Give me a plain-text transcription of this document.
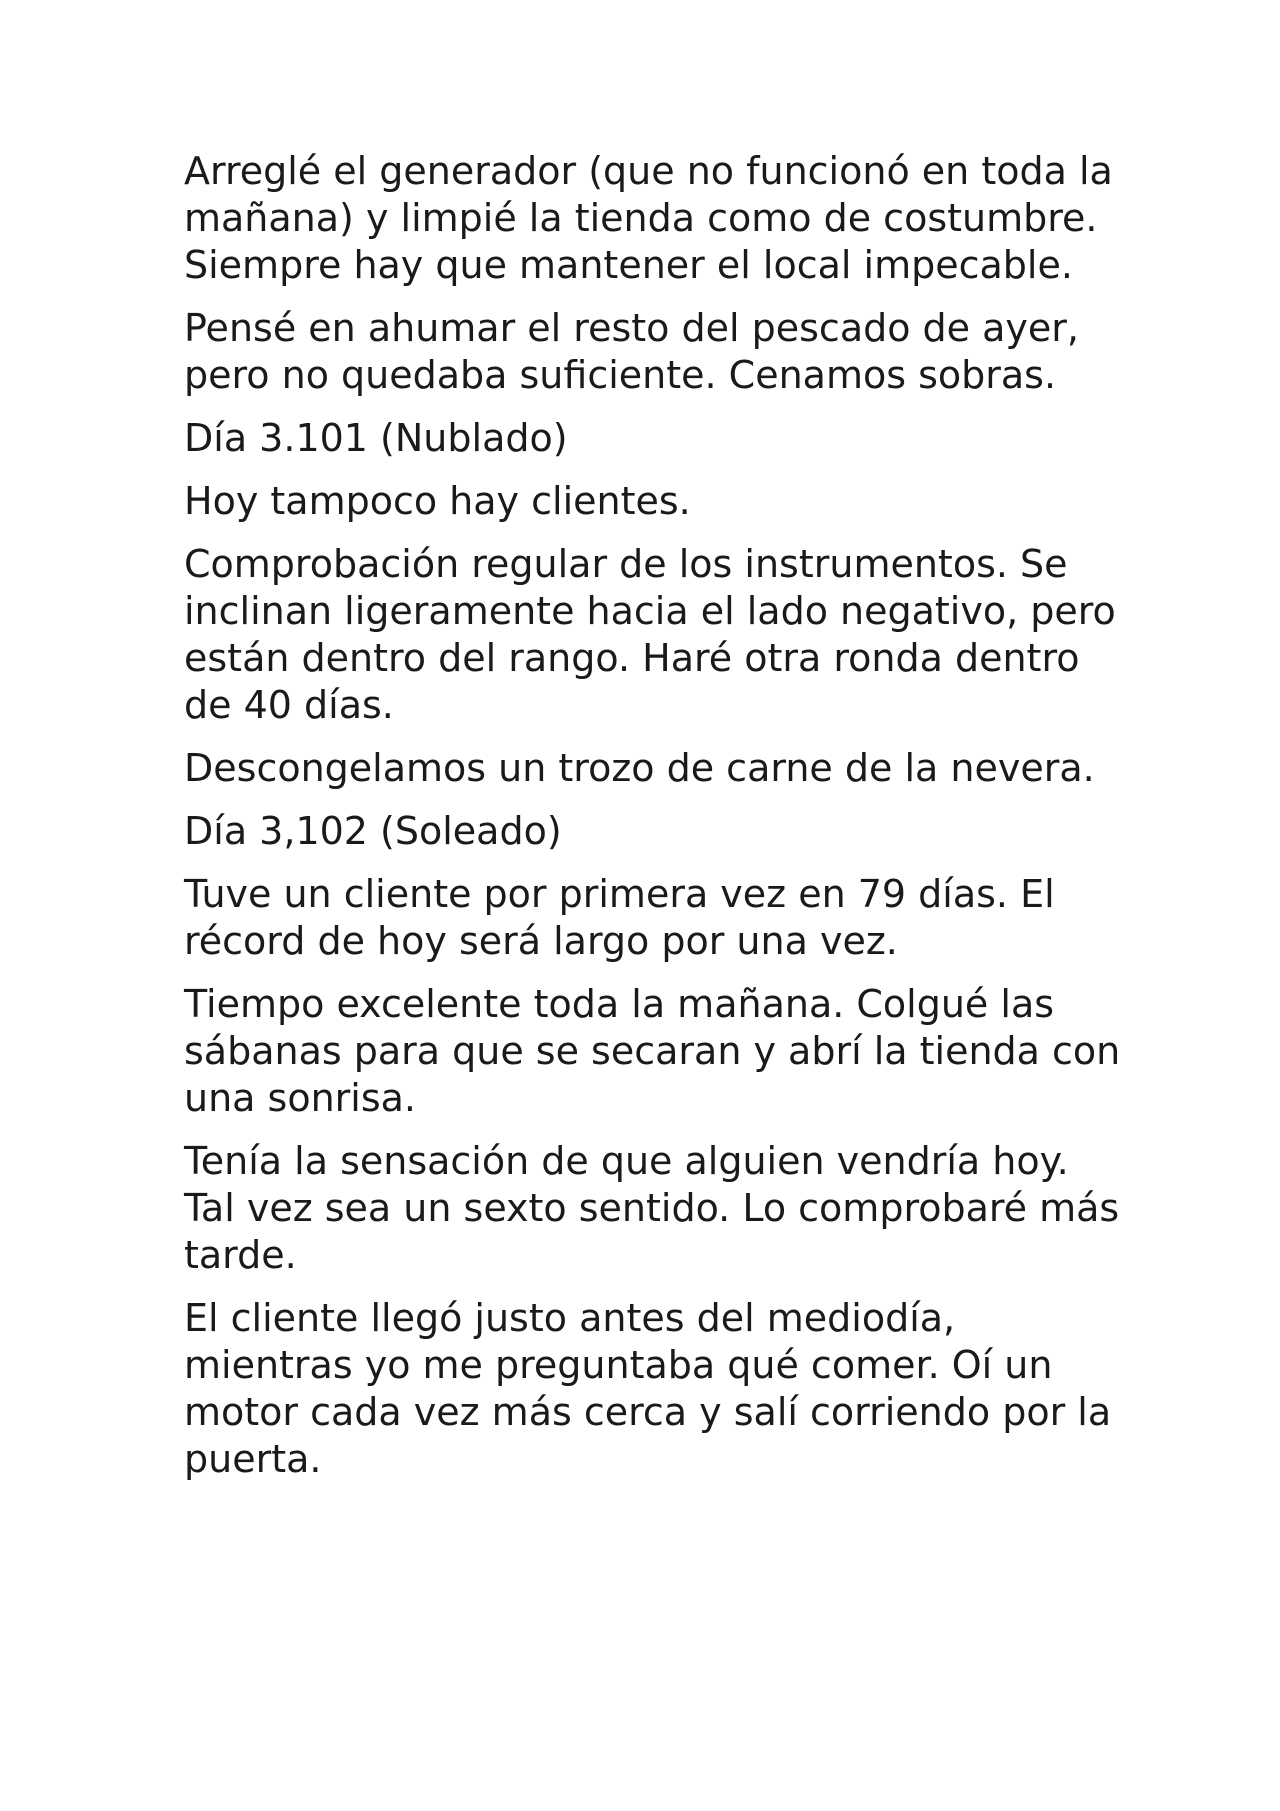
Arreglé el generador (que no funcionó en toda la mañana) y limpié la tienda como de costumbre. Siempre hay que mantener el local impecable.

Pensé en ahumar el resto del pescado de ayer, pero no quedaba suficiente. Cenamos sobras.

Día 3.101 (Nublado)

Hoy tampoco hay clientes.

Comprobación regular de los instrumentos. Se inclinan ligeramente hacia el lado negativo, pero están dentro del rango. Haré otra ronda dentro de 40 días.

Descongelamos un trozo de carne de la nevera.

Día 3,102 (Soleado)

Tuve un cliente por primera vez en 79 días. El récord de hoy será largo por una vez.

Tiempo excelente toda la mañana. Colgué las sábanas para que se secaran y abrí la tienda con una sonrisa.

Tenía la sensación de que alguien vendría hoy. Tal vez sea un sexto sentido. Lo comprobaré más tarde.

El cliente llegó justo antes del mediodía, mientras yo me preguntaba qué comer. Oí un motor cada vez más cerca y salí corriendo por la puerta.
